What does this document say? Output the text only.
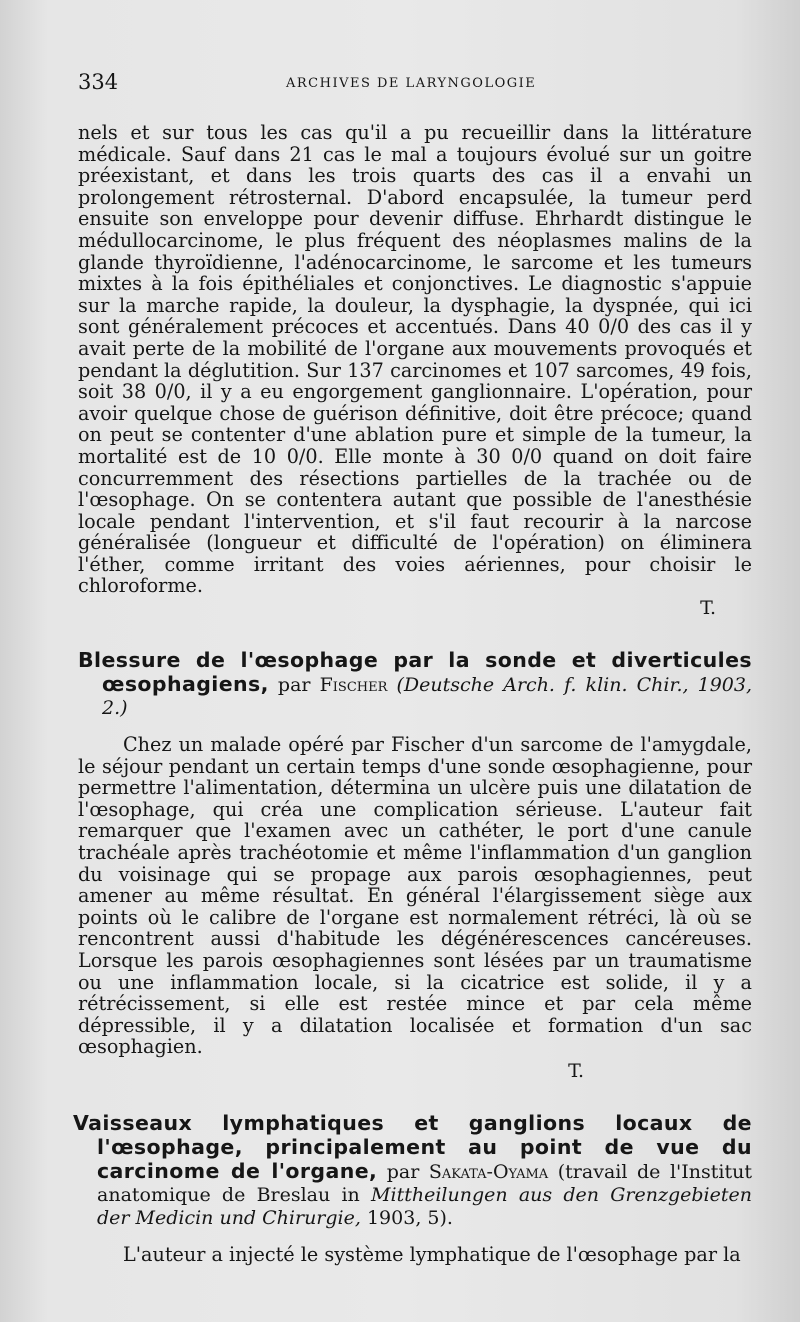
334	ARCHIVES DE LARYNGOLOGIE

nels et sur tous les cas qu'il a pu recueillir dans la littérature médicale. Sauf dans 21 cas le mal a toujours évolué sur un goitre préexistant, et dans les trois quarts des cas il a envahi un prolongement rétrosternal. D'abord encapsulée, la tumeur perd ensuite son enveloppe pour devenir diffuse. Ehrhardt distingue le médullocarcinome, le plus fréquent des néoplasmes malins de la glande thyroïdienne, l'adénocarcinome, le sarcome et les tumeurs mixtes à la fois épithéliales et conjonctives. Le diagnostic s'appuie sur la marche rapide, la douleur, la dysphagie, la dyspnée, qui ici sont généralement précoces et accentués. Dans 40 0/0 des cas il y avait perte de la mobilité de l'organe aux mouvements provoqués et pendant la déglutition. Sur 137 carcinomes et 107 sarcomes, 49 fois, soit 38 0/0, il y a eu engorgement ganglionnaire. L'opération, pour avoir quelque chose de guérison définitive, doit être précoce; quand on peut se contenter d'une ablation pure et simple de la tumeur, la mortalité est de 10 0/0. Elle monte à 30 0/0 quand on doit faire concurremment des résections partielles de la trachée ou de l'œsophage. On se contentera autant que possible de l'anesthésie locale pendant l'intervention, et s'il faut recourir à la narcose généralisée (longueur et difficulté de l'opération) on éliminera l'éther, comme irritant des voies aériennes, pour choisir le chloroforme.

T.

Blessure de l'œsophage par la sonde et diverticules œsophagiens, par Fischer (Deutsche Arch. f. klin. Chir., 1903, 2.)

Chez un malade opéré par Fischer d'un sarcome de l'amygdale, le séjour pendant un certain temps d'une sonde œsophagienne, pour permettre l'alimentation, détermina un ulcère puis une dilatation de l'œsophage, qui créa une complication sérieuse. L'auteur fait remarquer que l'examen avec un cathéter, le port d'une canule trachéale après trachéotomie et même l'inflammation d'un ganglion du voisinage qui se propage aux parois œsophagiennes, peut amener au même résultat. En général l'élargissement siège aux points où le calibre de l'organe est normalement rétréci, là où se rencontrent aussi d'habitude les dégénérescences cancéreuses. Lorsque les parois œsophagiennes sont lésées par un traumatisme ou une inflammation locale, si la cicatrice est solide, il y a rétrécissement, si elle est restée mince et par cela même dépressible, il y a dilatation localisée et formation d'un sac œsophagien.

T.

Vaisseaux lymphatiques et ganglions locaux de l'œsophage, principalement au point de vue du carcinome de l'organe, par Sakata-Oyama (travail de l'Institut anatomique de Breslau in Mittheilungen aus den Grenzgebieten der Medicin und Chirurgie, 1903, 5).

L'auteur a injecté le système lymphatique de l'œsophage par la
